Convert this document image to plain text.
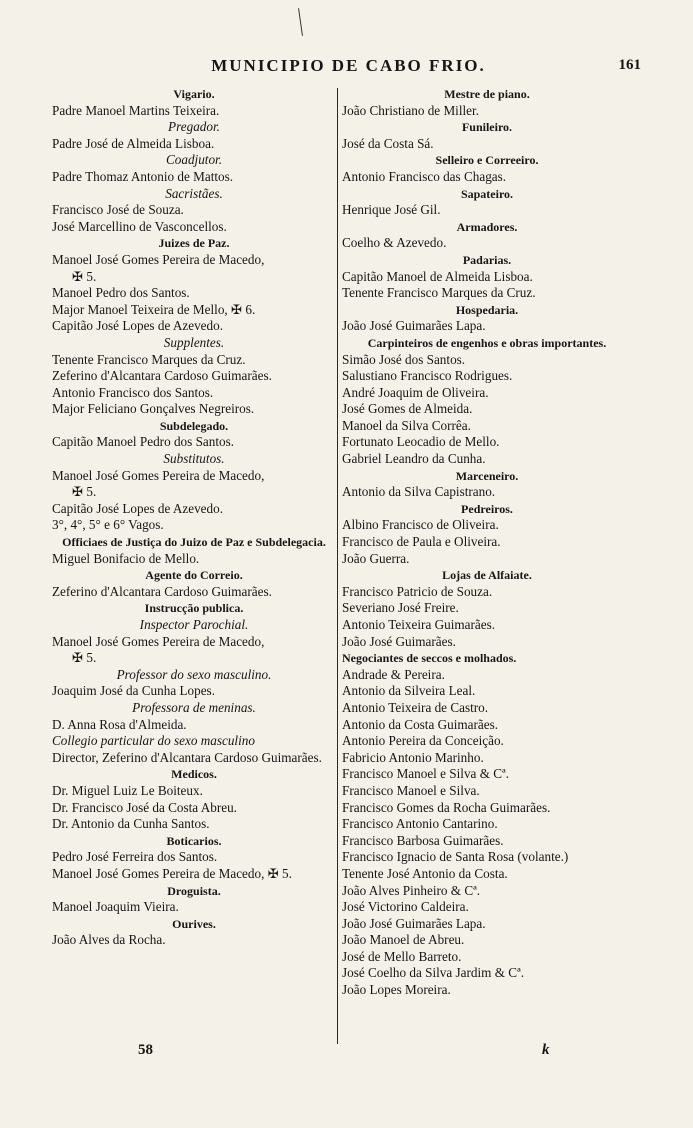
MUNICIPIO DE CABO FRIO.	161
Vigario.
Padre Manoel Martins Teixeira.
Pregador.
Padre José de Almeida Lisboa.
Coadjutor.
Padre Thomaz Antonio de Mattos.
Sacristães.
Francisco José de Souza.
José Marcellino de Vasconcellos.
Juizes de Paz.
Manoel José Gomes Pereira de Macedo,
✠ 5.
Manoel Pedro dos Santos.
Major Manoel Teixeira de Mello, ✠ 6.
Capitão José Lopes de Azevedo.
Supplentes.
Tenente Francisco Marques da Cruz.
Zeferino d'Alcantara Cardoso Guimarães.
Antonio Francisco dos Santos.
Major Feliciano Gonçalves Negreiros.
Subdelegado.
Capitão Manoel Pedro dos Santos.
Substitutos.
Manoel José Gomes Pereira de Macedo,
✠ 5.
Capitão José Lopes de Azevedo.
3°, 4°, 5° e 6° Vagos.
Officiaes de Justiça do Juizo de Paz e Subdelegacia.
Miguel Bonifacio de Mello.
Agente do Correio.
Zeferino d'Alcantara Cardoso Guimarães.
Instrucção publica.
Inspector Parochial.
Manoel José Gomes Pereira de Macedo,
✠ 5.
Professor do sexo masculino.
Joaquim José da Cunha Lopes.
Professora de meninas.
D. Anna Rosa d'Almeida.
Collegio particular do sexo masculino
Director, Zeferino d'Alcantara Cardoso Guimarães.
Medicos.
Dr. Miguel Luiz Le Boiteux.
Dr. Francisco José da Costa Abreu.
Dr. Antonio da Cunha Santos.
Boticarios.
Pedro José Ferreira dos Santos.
Manoel José Gomes Pereira de Macedo, ✠ 5.
Droguista.
Manoel Joaquim Vieira.
Ourives.
João Alves da Rocha.
Mestre de piano.
João Christiano de Miller.
Funileiro.
José da Costa Sá.
Selleiro e Correeiro.
Antonio Francisco das Chagas.
Sapateiro.
Henrique José Gil.
Armadores.
Coelho & Azevedo.
Padarias.
Capitão Manoel de Almeida Lisboa.
Tenente Francisco Marques da Cruz.
Hospedaria.
João José Guimarães Lapa.
Carpinteiros de engenhos e obras importantes.
Simão José dos Santos.
Salustiano Francisco Rodrigues.
André Joaquim de Oliveira.
José Gomes de Almeida.
Manoel da Silva Corrêa.
Fortunato Leocadio de Mello.
Gabriel Leandro da Cunha.
Marceneiro.
Antonio da Silva Capistrano.
Pedreiros.
Albino Francisco de Oliveira.
Francisco de Paula e Oliveira.
João Guerra.
Lojas de Alfaiate.
Francisco Patricio de Souza.
Severiano José Freire.
Antonio Teixeira Guimarães.
João José Guimarães.
Negociantes de seccos e molhados.
Andrade & Pereira.
Antonio da Silveira Leal.
Antonio Teixeira de Castro.
Antonio da Costa Guimarães.
Antonio Pereira da Conceição.
Fabricio Antonio Marinho.
Francisco Manoel e Silva & Cª.
Francisco Manoel e Silva.
Francisco Gomes da Rocha Guimarães.
Francisco Antonio Cantarino.
Francisco Barbosa Guimarães.
Francisco Ignacio de Santa Rosa (volante.)
Tenente José Antonio da Costa.
João Alves Pinheiro & Cª.
José Victorino Caldeira.
João José Guimarães Lapa.
João Manoel de Abreu.
José de Mello Barreto.
José Coelho da Silva Jardim & Cª.
João Lopes Moreira.
58	k
